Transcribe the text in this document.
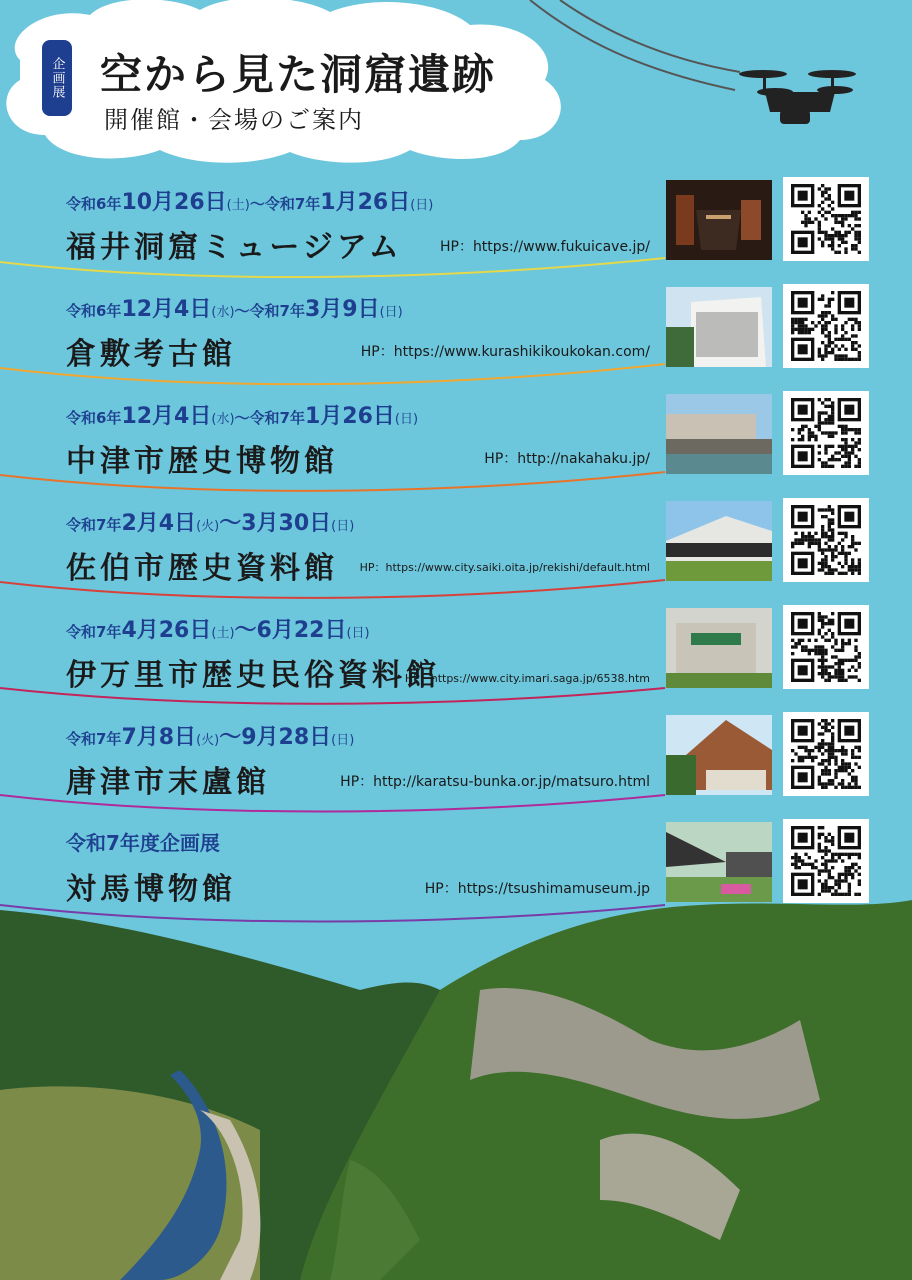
企画展 空から見た洞窟遺跡
開催館・会場のご案内
令和6年10月26日(土)〜令和7年1月26日(日)
福井洞窟ミュージアム	HP：https://www.fukuicave.jp/
令和6年12月4日(水)〜令和7年3月9日(日)
倉敷考古館	HP：https://www.kurashikikoukokan.com/
令和6年12月4日(水)〜令和7年1月26日(日)
中津市歴史博物館	HP：http://nakahaku.jp/
令和7年2月4日(火)〜3月30日(日)
佐伯市歴史資料館 HP：https://www.city.saiki.oita.jp/rekishi/default.html
令和7年4月26日(土)〜6月22日(日)
伊万里市歴史民俗資料館
HP：https://www.city.imari.saga.jp/6538.htm
令和7年7月8日(火)〜9月28日(日)
唐津市末盧館	HP：http://karatsu-bunka.or.jp/matsuro.html
令和7年度企画展
対馬博物館	HP：https://tsushimamuseum.jp
